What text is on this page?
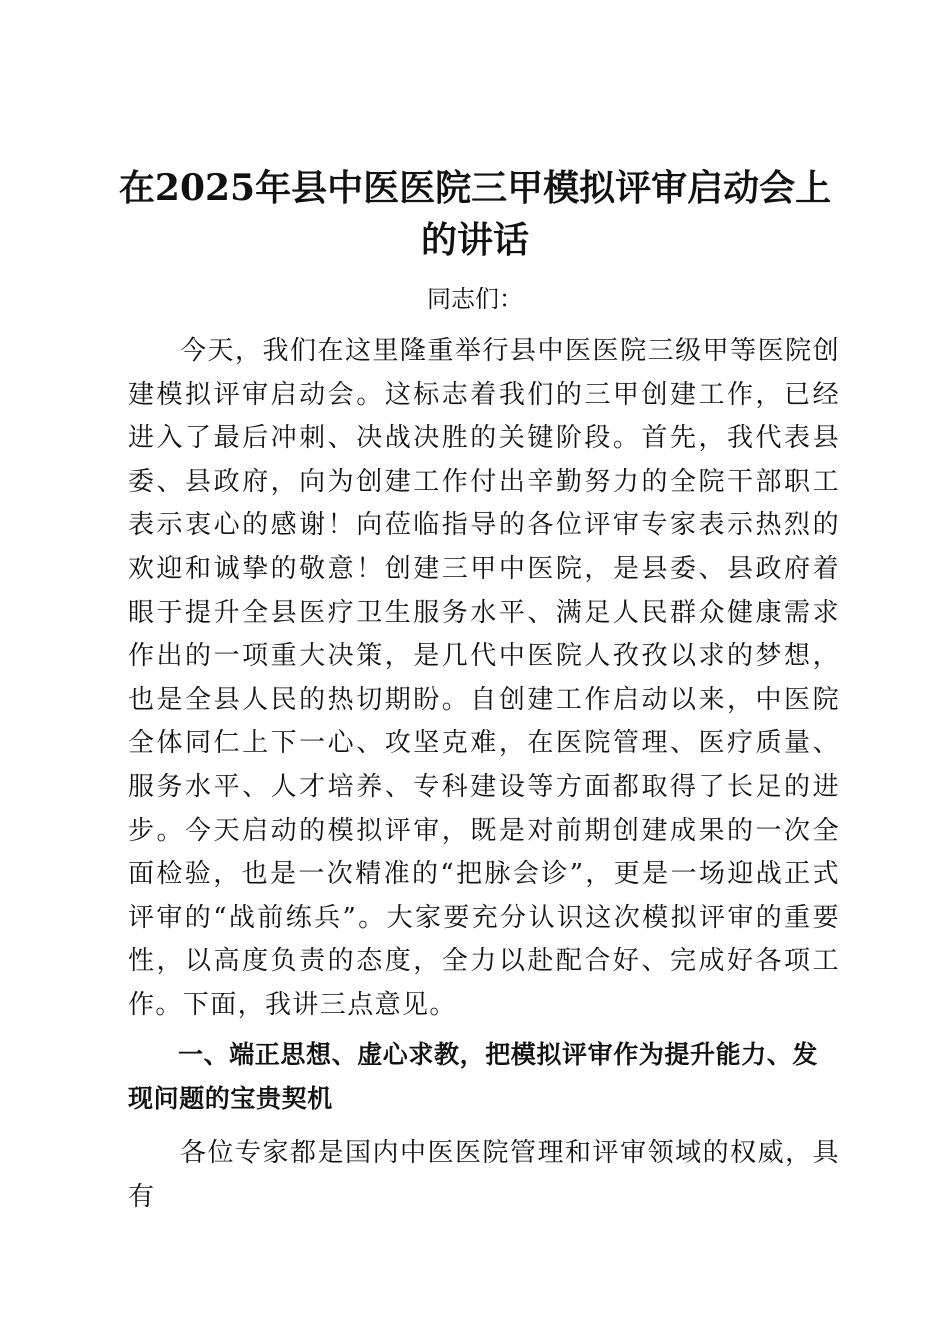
在2025年县中医医院三甲模拟评审启动会上的讲话

同志们：

今天，我们在这里隆重举行县中医医院三级甲等医院创建模拟评审启动会。这标志着我们的三甲创建工作，已经进入了最后冲刺、决战决胜的关键阶段。首先，我代表县委、县政府，向为创建工作付出辛勤努力的全院干部职工表示衷心的感谢！向莅临指导的各位评审专家表示热烈的欢迎和诚挚的敬意！创建三甲中医院，是县委、县政府着眼于提升全县医疗卫生服务水平、满足人民群众健康需求作出的一项重大决策，是几代中医院人孜孜以求的梦想，也是全县人民的热切期盼。自创建工作启动以来，中医院全体同仁上下一心、攻坚克难，在医院管理、医疗质量、服务水平、人才培养、专科建设等方面都取得了长足的进步。今天启动的模拟评审，既是对前期创建成果的一次全面检验，也是一次精准的“把脉会诊”，更是一场迎战正式评审的“战前练兵”。大家要充分认识这次模拟评审的重要性，以高度负责的态度，全力以赴配合好、完成好各项工作。下面，我讲三点意见。

一、端正思想、虚心求教，把模拟评审作为提升能力、发现问题的宝贵契机

各位专家都是国内中医医院管理和评审领域的权威，具有
